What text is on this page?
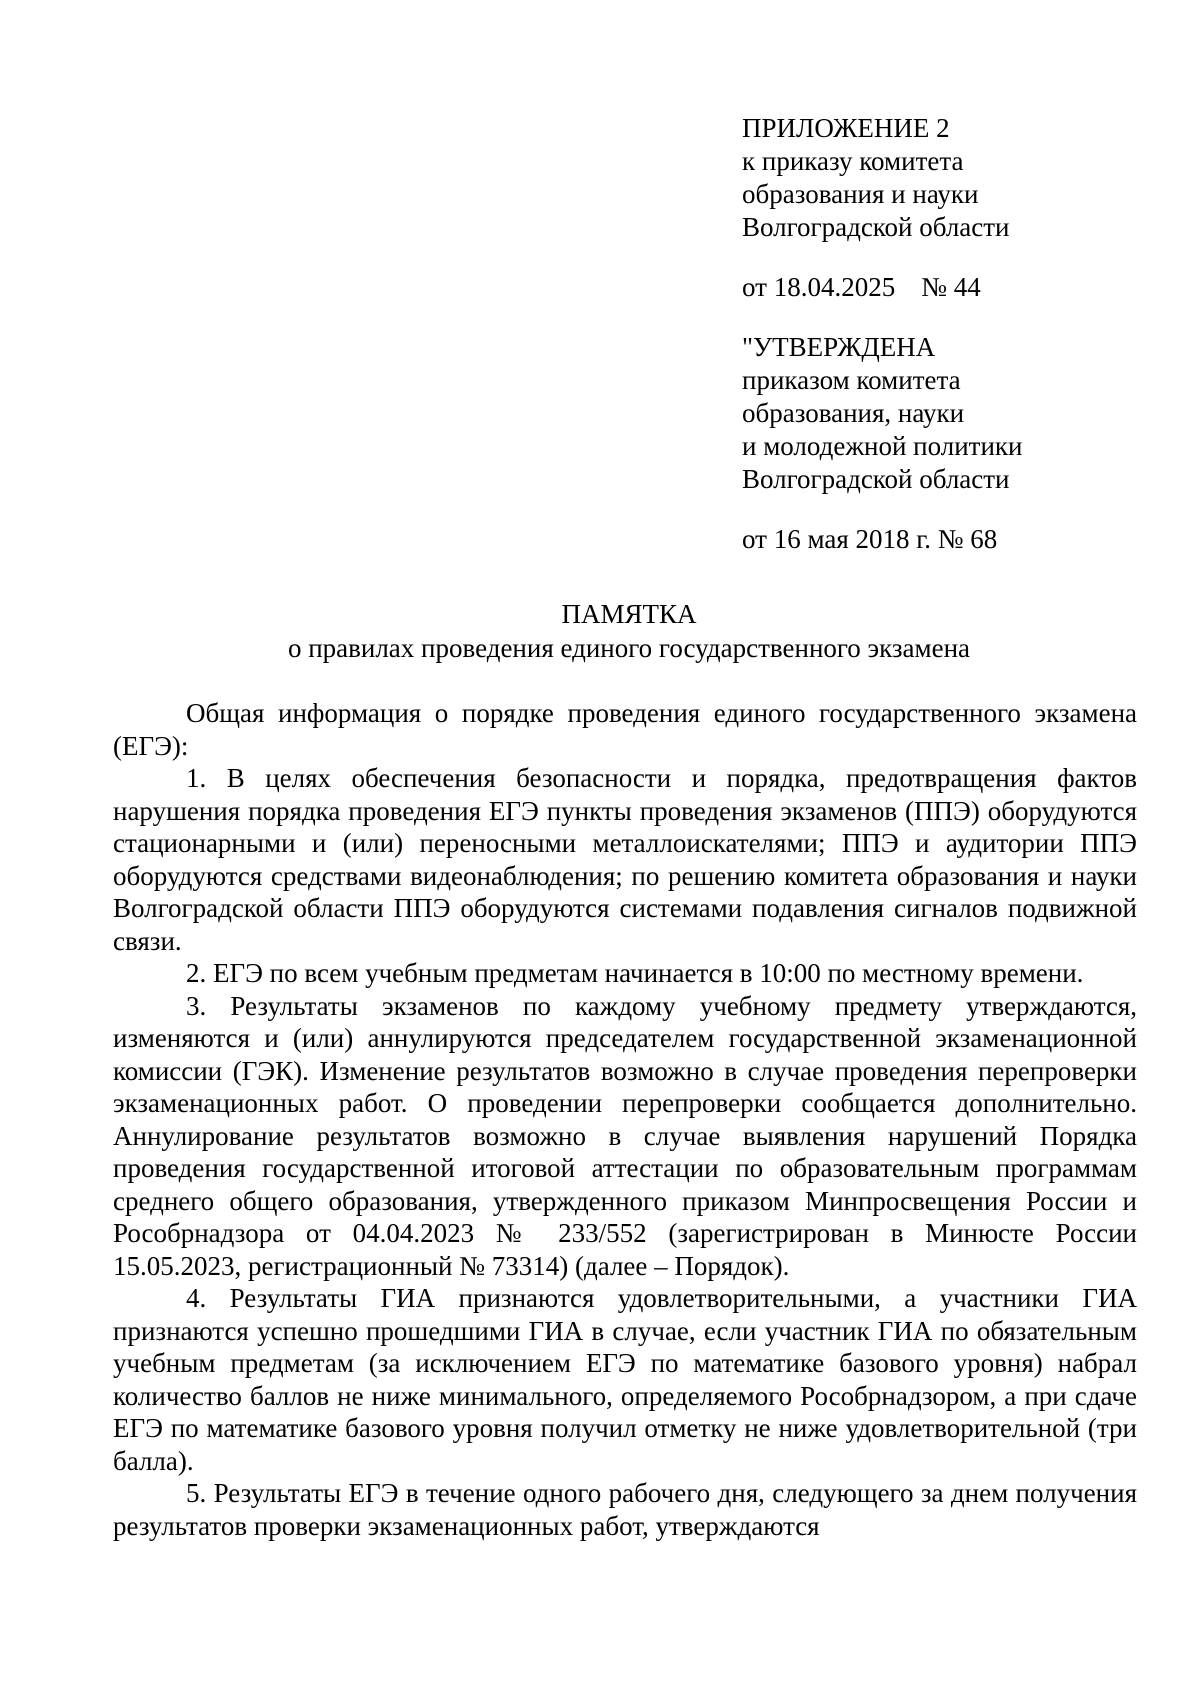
ПРИЛОЖЕНИЕ 2
к приказу комитета
образования и науки
Волгоградской области
от 18.04.2025 № 44
"УТВЕРЖДЕНА
приказом комитета
образования, науки
и молодежной политики
Волгоградской области
от 16 мая 2018 г. № 68
ПАМЯТКА
о правилах проведения единого государственного экзамена

Общая информация о порядке проведения единого государственного экзамена (ЕГЭ):

1. В целях обеспечения безопасности и порядка, предотвращения фактов нарушения порядка проведения ЕГЭ пункты проведения экзаменов (ППЭ) оборудуются стационарными и (или) переносными металлоискателями; ППЭ и аудитории ППЭ оборудуются средствами видеонаблюдения; по решению комитета образования и науки Волгоградской области ППЭ оборудуются системами подавления сигналов подвижной связи.

2. ЕГЭ по всем учебным предметам начинается в 10:00 по местному времени.

3. Результаты экзаменов по каждому учебному предмету утверждаются, изменяются и (или) аннулируются председателем государственной экзаменационной комиссии (ГЭК). Изменение результатов возможно в случае проведения перепроверки экзаменационных работ. О проведении перепроверки сообщается дополнительно. Аннулирование результатов возможно в случае выявления нарушений Порядка проведения государственной итоговой аттестации по образовательным программам среднего общего образования, утвержденного приказом Минпросвещения России и Рособрнадзора от 04.04.2023 № 233/552 (зарегистрирован в Минюсте России 15.05.2023, регистрационный № 73314) (далее – Порядок).

4. Результаты ГИА признаются удовлетворительными, а участники ГИА признаются успешно прошедшими ГИА в случае, если участник ГИА по обязательным учебным предметам (за исключением ЕГЭ по математике базового уровня) набрал количество баллов не ниже минимального, определяемого Рособрнадзором, а при сдаче ЕГЭ по математике базового уровня получил отметку не ниже удовлетворительной (три балла).

5. Результаты ЕГЭ в течение одного рабочего дня, следующего за днем получения результатов проверки экзаменационных работ, утверждаются
